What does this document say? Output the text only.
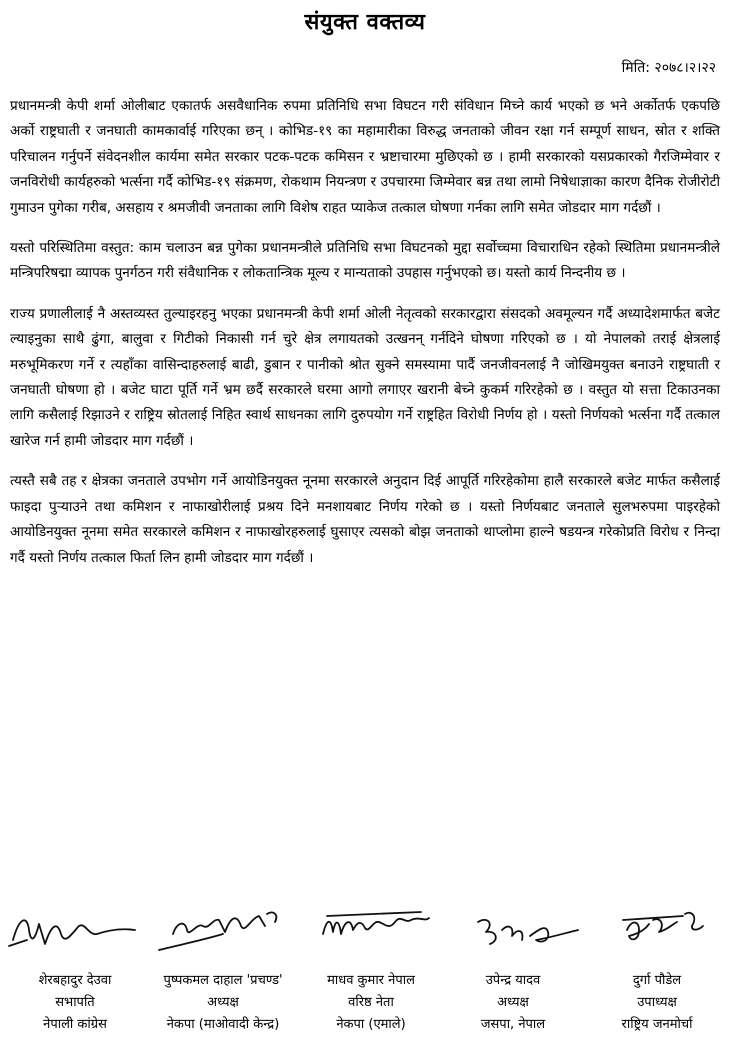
संयुक्त वक्तव्य
मिति: २०७८।२।२२

प्रधानमन्त्री केपी शर्मा ओलीबाट एकातर्फ असवैधानिक रुपमा प्रतिनिधि सभा विघटन गरी संविधान मिच्ने कार्य भएको छ भने अर्कोतर्फ एकपछि अर्को राष्ट्रघाती र जनघाती कामकार्वाई गरिएका छन् । कोभिड-१९ का महामारीका विरुद्ध जनताको जीवन रक्षा गर्न सम्पूर्ण साधन, स्रोत र शक्ति परिचालन गर्नुपर्ने संवेदनशील कार्यमा समेत सरकार पटक-पटक कमिसन र भ्रष्टाचारमा मुछिएको छ । हामी सरकारको यसप्रकारको गैरजिम्मेवार र जनविरोधी कार्यहरुको भर्त्सना गर्दै कोभिड-१९ संक्रमण, रोकथाम नियन्त्रण र उपचारमा जिम्मेवार बन्न तथा लामो निषेधाज्ञाका कारण दैनिक रोजीरोटी गुमाउन पुगेका गरीब, असहाय र श्रमजीवी जनताका लागि विशेष राहत प्याकेज तत्काल घोषणा गर्नका लागि समेत जोडदार माग गर्दछौं ।

यस्तो परिस्थितिमा वस्तुत: काम चलाउन बन्न पुगेका प्रधानमन्त्रीले प्रतिनिधि सभा विघटनको मुद्दा सर्वोच्चमा विचाराधिन रहेको स्थितिमा प्रधानमन्त्रीले मन्त्रिपरिषद्मा व्यापक पुनर्गठन गरी संवैधानिक र लोकतान्त्रिक मूल्य र मान्यताको उपहास गर्नुभएको छ। यस्तो कार्य निन्दनीय छ ।

राज्य प्रणालीलाई नै अस्तव्यस्त तुल्याइरहनु भएका प्रधानमन्त्री केपी शर्मा ओली नेतृत्वको सरकारद्वारा संसदको अवमूल्यन गर्दै अध्यादेशमार्फत बजेट ल्याइनुका साथै ढुंगा, बालुवा र गिटीको निकासी गर्न चुरे क्षेत्र लगायतको उत्खनन् गर्नदिने घोषणा गरिएको छ । यो नेपालको तराई क्षेत्रलाई मरुभूमिकरण गर्ने र त्यहाँका वासिन्दाहरुलाई बाढी, डुबान र पानीको श्रोत सुक्ने समस्यामा पार्दै जनजीवनलाई नै जोखिमयुक्त बनाउने राष्ट्रघाती र जनघाती घोषणा हो । बजेट घाटा पूर्ति गर्ने भ्रम छर्दै सरकारले घरमा आगो लगाएर खरानी बेच्ने कुकर्म गरिरहेको छ । वस्तुत यो सत्ता टिकाउनका लागि कसैलाई रिझाउने र राष्ट्रिय स्रोतलाई निहित स्वार्थ साधनका लागि दुरुपयोग गर्ने राष्ट्रहित विरोधी निर्णय हो । यस्तो निर्णयको भर्त्सना गर्दै तत्काल खारेज गर्न हामी जोडदार माग गर्दछौं ।

त्यस्तै सबै तह र क्षेत्रका जनताले उपभोग गर्ने आयोडिनयुक्त नूनमा सरकारले अनुदान दिई आपूर्ति गरिरहेकोमा हालै सरकारले बजेट मार्फत कसैलाई फाइदा पुऱ्याउने तथा कमिशन र नाफाखोरीलाई प्रश्रय दिने मनशायबाट निर्णय गरेको छ । यस्तो निर्णयबाट जनताले सुलभरुपमा पाइरहेको आयोडिनयुक्त नूनमा समेत सरकारले कमिशन र नाफाखोरहरुलाई घुसाएर त्यसको बोझ जनताको थाप्लोमा हाल्ने षडयन्त्र गरेकोप्रति विरोध र निन्दा गर्दै यस्तो निर्णय तत्काल फिर्ता लिन हामी जोडदार माग गर्दछौं ।

शेरबहादुर देउवा
सभापति
नेपाली कांग्रेस
पुष्पकमल दाहाल 'प्रचण्ड'
अध्यक्ष
नेकपा (माओवादी केन्द्र)
माधव कुमार नेपाल
वरिष्ठ नेता
नेकपा (एमाले)
उपेन्द्र यादव
अध्यक्ष
जसपा, नेपाल
दुर्गा पौडेल
उपाध्यक्ष
राष्ट्रिय जनमोर्चा
